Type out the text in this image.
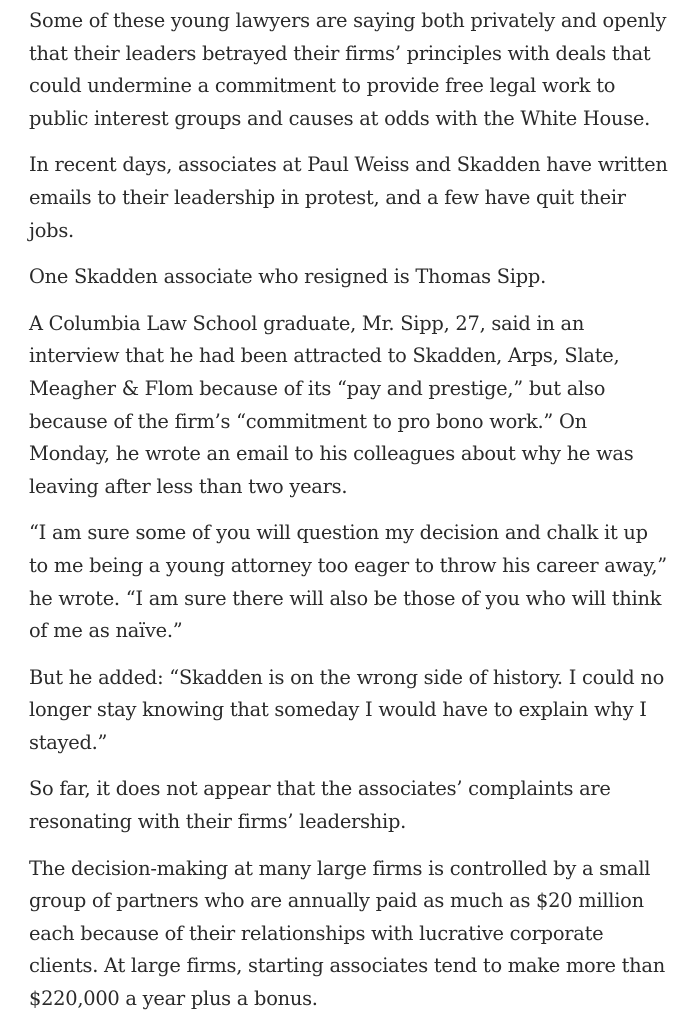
Some of these young lawyers are saying both privately and openly that their leaders betrayed their firms’ principles with deals that could undermine a commitment to provide free legal work to public interest groups and causes at odds with the White House.

In recent days, associates at Paul Weiss and Skadden have written emails to their leadership in protest, and a few have quit their jobs.

One Skadden associate who resigned is Thomas Sipp.

A Columbia Law School graduate, Mr. Sipp, 27, said in an interview that he had been attracted to Skadden, Arps, Slate, Meagher & Flom because of its “pay and prestige,” but also because of the firm’s “commitment to pro bono work.” On Monday, he wrote an email to his colleagues about why he was leaving after less than two years.

“I am sure some of you will question my decision and chalk it up to me being a young attorney too eager to throw his career away,” he wrote. “I am sure there will also be those of you who will think of me as naïve.”

But he added: “Skadden is on the wrong side of history. I could no longer stay knowing that someday I would have to explain why I stayed.”

So far, it does not appear that the associates’ complaints are resonating with their firms’ leadership.

The decision-making at many large firms is controlled by a small group of partners who are annually paid as much as $20 million each because of their relationships with lucrative corporate clients. At large firms, starting associates tend to make more than $220,000 a year plus a bonus.
